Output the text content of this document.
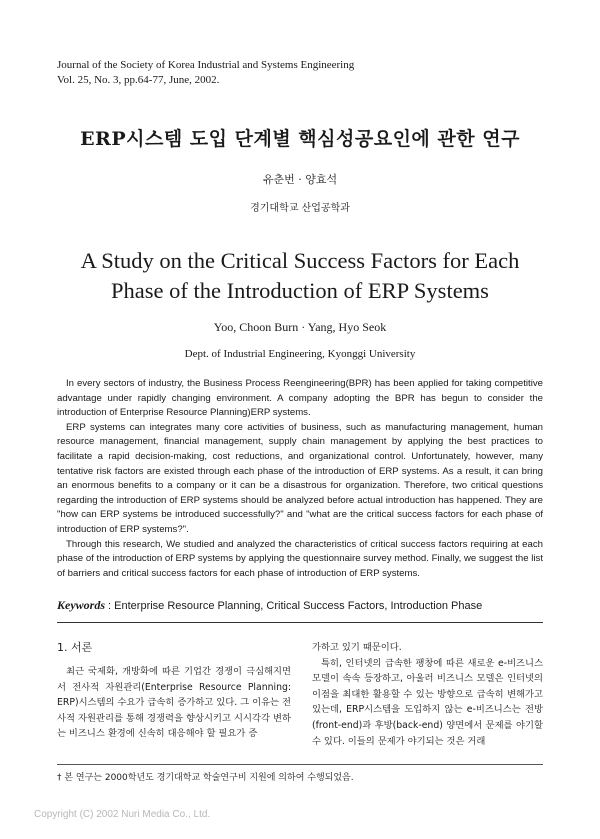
Journal of the Society of Korea Industrial and Systems Engineering
Vol. 25, No. 3, pp.64-77, June, 2002.
ERP시스템 도입 단계별 핵심성공요인에 관한 연구
유춘번 · 양효석
경기대학교 산업공학과
A Study on the Critical Success Factors for Each
Phase of the Introduction of ERP Systems
Yoo, Choon Burn · Yang, Hyo Seok
Dept. of Industrial Engineering, Kyonggi University

In every sectors of industry, the Business Process Reengineering(BPR) has been applied for taking competitive advantage under rapidly changing environment. A company adopting the BPR has begun to consider the introduction of Enterprise Resource Planning)ERP systems.

ERP systems can integrates many core activities of business, such as manufacturing management, human resource management, financial management, supply chain management by applying the best practices to facilitate a rapid decision-making, cost reductions, and organizational control. Unfortunately, however, many tentative risk factors are existed through each phase of the introduction of ERP systems. As a result, it can bring an enormous benefits to a company or it can be a disastrous for organization. Therefore, two critical questions regarding the introduction of ERP systems should be analyzed before actual introduction has happened. They are "how can ERP systems be introduced successfully?" and "what are the critical success factors for each phase of introduction of ERP systems?".

Through this research, We studied and analyzed the characteristics of critical success factors requiring at each phase of the introduction of ERP systems by applying the questionnaire survey method. Finally, we suggest the list of barriers and critical success factors for each phase of introduction of ERP systems.

Keywords : Enterprise Resource Planning, Critical Success Factors, Introduction Phase

1. 서론

최근 국제화, 개방화에 따른 기업간 경쟁이 극심해지면서 전사적 자원관리(Enterprise Resource Planning: ERP)시스템의 수요가 급속히 증가하고 있다. 그 이유는 전사적 자원관리를 통해 경쟁력을 향상시키고 시시각각 변하는 비즈니스 환경에 신속히 대응해야 할 필요가 증

가하고 있기 때문이다.

특히, 인터넷의 급속한 팽창에 따른 새로운 e-비즈니스 모델이 속속 등장하고, 아울러 비즈니스 모델은 인터넷의 이점을 최대한 활용할 수 있는 방향으로 급속히 변해가고 있는데, ERP시스템을 도입하지 않는 e-비즈니스는 전방(front-end)과 후방(back-end) 양면에서 문제를 야기할 수 있다. 이들의 문제가 야기되는 것은 거래

† 본 연구는 2000학년도 경기대학교 학술연구비 지원에 의하여 수행되었음.
Copyright (C) 2002 Nuri Media Co., Ltd.
